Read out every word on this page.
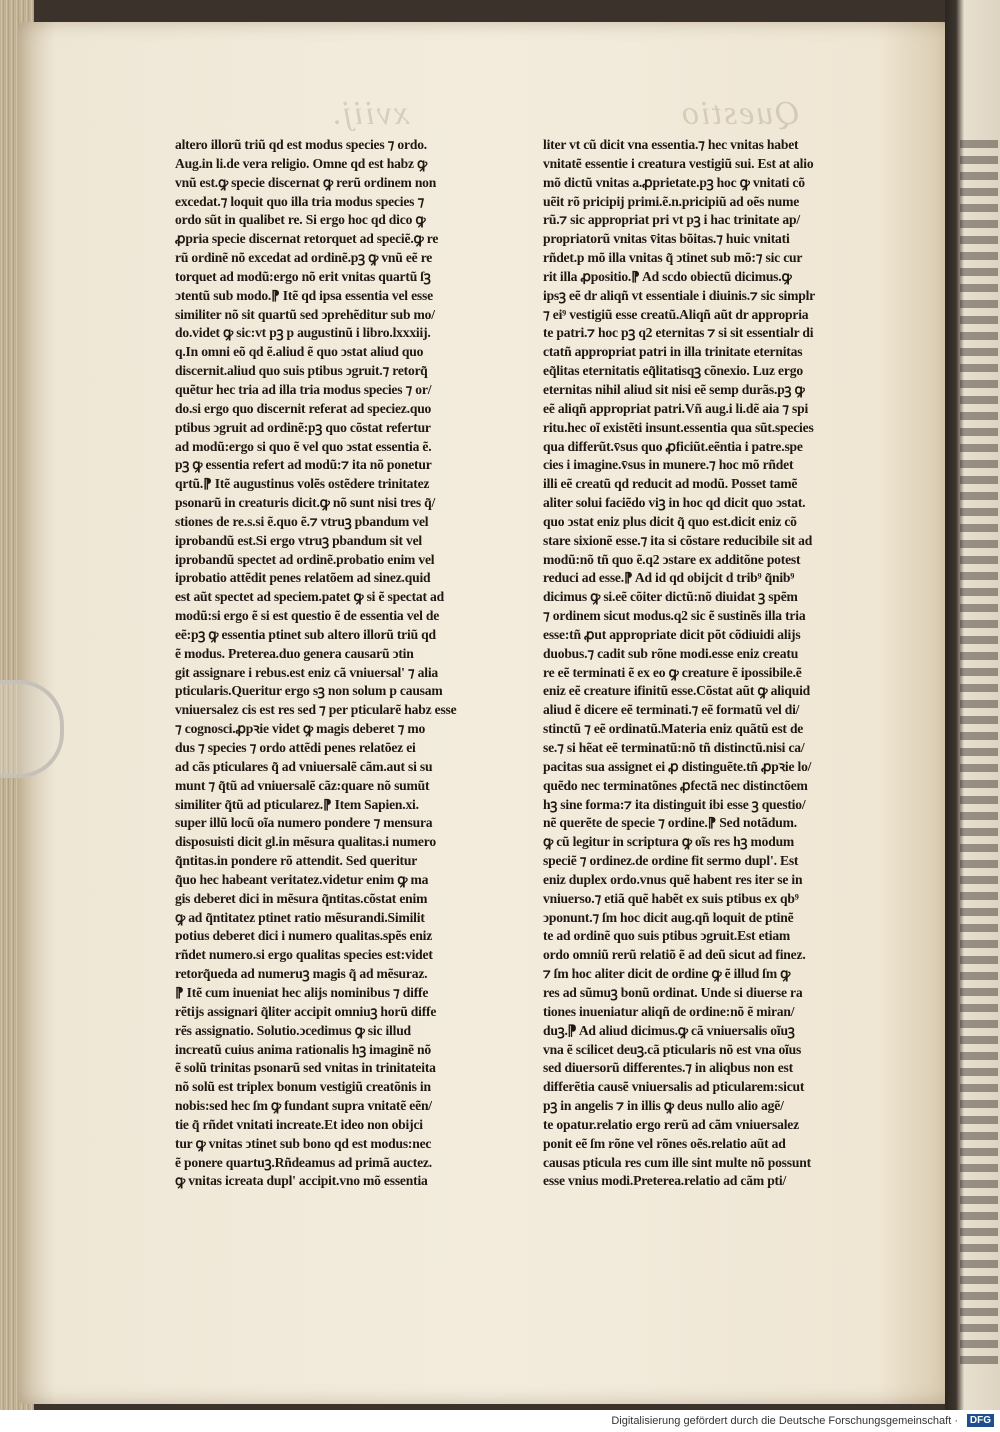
xviij.	Questio
altero illorũ triũ qd est modus species ⁊ ordo.
Aug.in li.de vera religio. Omne qd est habz ꝙ
vnũ est.ꝙ specie discernat ꝙ rerũ ordinem non
excedat.⁊ loquit quo illa tria modus species ⁊
ordo sũt in qualibet re. Si ergo hoc qd dico ꝙ
ꝓpria specie discernat retorquet ad speciẽ.ꝙ re
rũ ordinẽ nõ excedat ad ordinẽ.pꝫ ꝙ vnũ eẽ re
torquet ad modũ:ergo nõ erit vnitas quartũ ſꝫ
ↄtentũ sub modo.⁋ Itẽ qd ipsa essentia vel esse
similiter nõ sit quartũ sed ↄprehẽditur sub mo/
do.videt ꝙ sic:vt pꝫ p augustinũ i libro.lxxxiij.
q.In omni eõ qd ẽ.aliud ẽ quo ↄstat aliud quo
discernit.aliud quo suis ptibus ↄgruit.⁊ retorq̃
quẽtur hec tria ad illa tria modus species ⁊ or/
do.si ergo quo discernit referat ad speciez.quo
ptibus ↄgruit ad ordinẽ:pꝫ quo cõstat refertur
ad modũ:ergo si quo ẽ vel quo ↄstat essentia ẽ.
pꝫ ꝙ essentia refert ad modũ:⁊ ita nõ ponetur
qrtũ.⁋ Itẽ augustinus volẽs ostẽdere trinitatez
psonarũ in creaturis dicit.ꝙ nõ sunt nisi tres q̃/
stiones de re.s.si ẽ.quo ẽ.⁊ vtruꝫ pbandum vel
iprobandũ est.Si ergo vtruꝫ pbandum sit vel
iprobandũ spectet ad ordinẽ.probatio enim vel
iprobatio attẽdit penes relatõem ad sinez.quid
est aũt spectet ad speciem.patet ꝙ si ẽ spectat ad
modũ:si ergo ẽ si est questio ẽ de essentia vel de
eẽ:pꝫ ꝙ essentia ptinet sub altero illorũ triũ qd
ẽ modus. Preterea.duo genera causarũ ↄtin
git assignare i rebus.est eniz cã vniuersal' ⁊ alia
pticularis.Queritur ergo sꝫ non solum p causam
vniuersalez cis est res sed ⁊ per pticularẽ habz esse
⁊ cognosci.ꝓpꝛie videt ꝙ magis deberet ⁊ mo
dus ⁊ species ⁊ ordo attẽdi penes relatõez ei
ad cãs pticulares q̃ ad vniuersalẽ cãm.aut si su
munt ⁊ q̃tũ ad vniuersalẽ cãz:quare nõ sumũt
similiter q̃tũ ad pticularez.⁋ Item Sapien.xi.
super illũ locũ oĩa numero pondere ⁊ mensura
disposuisti dicit gl.in mẽsura qualitas.i numero
q̃ntitas.in pondere rõ attendit. Sed queritur
q̃uo hec habeant veritatez.videtur enim ꝙ ma
gis deberet dici in mẽsura q̃ntitas.cõstat enim
ꝙ ad q̃ntitatez ptinet ratio mẽsurandi.Similit
potius deberet dici i numero qualitas.spẽs eniz
rñdet numero.si ergo qualitas species est:videt
retorq̃ueda ad numeruꝫ magis q̃ ad mẽsuraz.
⁋ Itẽ cum inueniat hec alijs nominibus ⁊ diffe
rẽtijs assignari q̃liter accipit omniuꝫ horũ diffe
rẽs assignatio. Solutio.ↄcedimus ꝙ sic illud
increatũ cuius anima rationalis hꝫ imaginẽ nõ
ẽ solũ trinitas psonarũ sed vnitas in trinitateita
nõ solũ est triplex bonum vestigiũ creatõnis in
nobis:sed hec ſm ꝙ fundant supra vnitatẽ eẽn/
tie q̃ rñdet vnitati increate.Et ideo non obijci
tur ꝙ vnitas ↄtinet sub bono qd est modus:nec
ẽ ponere quartuꝫ.Rñdeamus ad primã auctez.
ꝙ vnitas icreata dupl' accipit.vno mõ essentia
liter vt cũ dicit vna essentia.⁊ hec vnitas habet
vnitatẽ essentie i creatura vestigiũ sui. Est at alio
mõ dictũ vnitas a.ꝓprietate.pꝫ hoc ꝙ vnitati cõ
uẽit rõ pricipij primi.ẽ.n.pricipiũ ad oẽs nume
rũ.⁊ sic appropriat pri vt pꝫ i hac trinitate ap/
propriatorũ vnitas v̄itas bõitas.⁊ huic vnitati
rñdet.p mõ illa vnitas q̃ ↄtinet sub mõ:⁊ sic cur
rit illa ꝓpositio.⁋ Ad scdo obiectũ dicimus.ꝙ
ipsꝫ eẽ dr aliqñ vt essentiale i diuinis.⁊ sic simplr
⁊ ei⁹ vestigiũ esse creatũ.Aliqñ aũt dr appropria
te patri.⁊ hoc pꝫ q2 eternitas ⁊ si sit essentialr di
ctatñ appropriat patri in illa trinitate eternitas
eq̃litas eternitatis eq̃litatisqꝫ cõnexio. Luz ergo
eternitas nihil aliud sit nisi eẽ semp durãs.pꝫ ꝙ
eẽ aliqñ appropriat patri.Vñ aug.i li.dẽ aia ⁊ spi
ritu.hec oĩ existẽti insunt.essentia qua sũt.species
qua differũt.v̄sus quo ꝓficiũt.eẽntia i patre.spe
cies i imagine.v̄sus in munere.⁊ hoc mõ rñdet
illi eẽ creatũ qd reducit ad modũ. Posset tamẽ
aliter solui faciẽdo viꝫ in hoc qd dicit quo ↄstat.
quo ↄstat eniz plus dicit q̃ quo est.dicit eniz cõ
stare sixionẽ esse.⁊ ita si cõstare reducibile sit ad
modũ:nõ tñ quo ẽ.q2 ↄstare ex additõne potest
reduci ad esse.⁋ Ad id qd obijcit d trib⁹ q̃nib⁹
dicimus ꝙ si.eẽ cõiter dictũ:nõ diuidat ꝫ spẽm
⁊ ordinem sicut modus.q2 sic ẽ sustinẽs illa tria
esse:tñ ꝓut appropriate dicit põt cõdiuidi alijs
duobus.⁊ cadit sub rõne modi.esse eniz creatu
re eẽ terminati ẽ ex eo ꝙ creature ẽ ipossibile.ẽ
eniz eẽ creature ifinitũ esse.Cõstat aũt ꝙ aliquid
aliud ẽ dicere eẽ terminati.⁊ eẽ formatũ vel di/
stinctũ ⁊ eẽ ordinatũ.Materia eniz quãtũ est de
se.⁊ si hẽat eẽ terminatũ:nõ tñ distinctũ.nisi ca/
pacitas sua assignet ei ꝓ distinguẽte.tñ ꝓpꝛie lo/
quẽdo nec terminatõnes ꝓfectã nec distinctõem
hꝫ sine forma:⁊ ita distinguit ibi esse ꝫ questio/
nẽ querẽte de specie ⁊ ordine.⁋ Sed notãdum.
ꝙ cũ legitur in scriptura ꝙ oĩs res hꝫ modum
speciẽ ⁊ ordinez.de ordine fit sermo dupl'. Est
eniz duplex ordo.vnus quẽ habent res iter se in
vniuerso.⁊ etiã quẽ habẽt ex suis ptibus ex qb⁹
ↄponunt.⁊ ſm hoc dicit aug.qñ loquit de ptinẽ
te ad ordinẽ quo suis ptibus ↄgruit.Est etiam
ordo omniũ rerũ relatiõ ẽ ad deũ sicut ad finez.
⁊ ſm hoc aliter dicit de ordine ꝙ ẽ illud ſm ꝙ
res ad sũmuꝫ bonũ ordinat. Unde si diuerse ra
tiones inueniatur aliqñ de ordine:nõ ẽ miran/
duꝫ.⁋ Ad aliud dicimus.ꝙ cã vniuersalis oĩuꝫ
vna ẽ scilicet deuꝫ.cã pticularis nõ est vna oĩus
sed diuersorũ differentes.⁊ in aliqbus non est
differẽtia causẽ vniuersalis ad pticularem:sicut
pꝫ in angelis ⁊ in illis ꝙ deus nullo alio agẽ/
te opatur.relatio ergo rerũ ad cãm vniuersalez
ponit eẽ ſm rõne vel rõnes oẽs.relatio aũt ad
causas pticula res cum ille sint multe nõ possunt
esse vnius modi.Preterea.relatio ad cãm pti/
Digitalisierung gefördert durch die Deutsche Forschungsgemeinschaft ·	DFG
